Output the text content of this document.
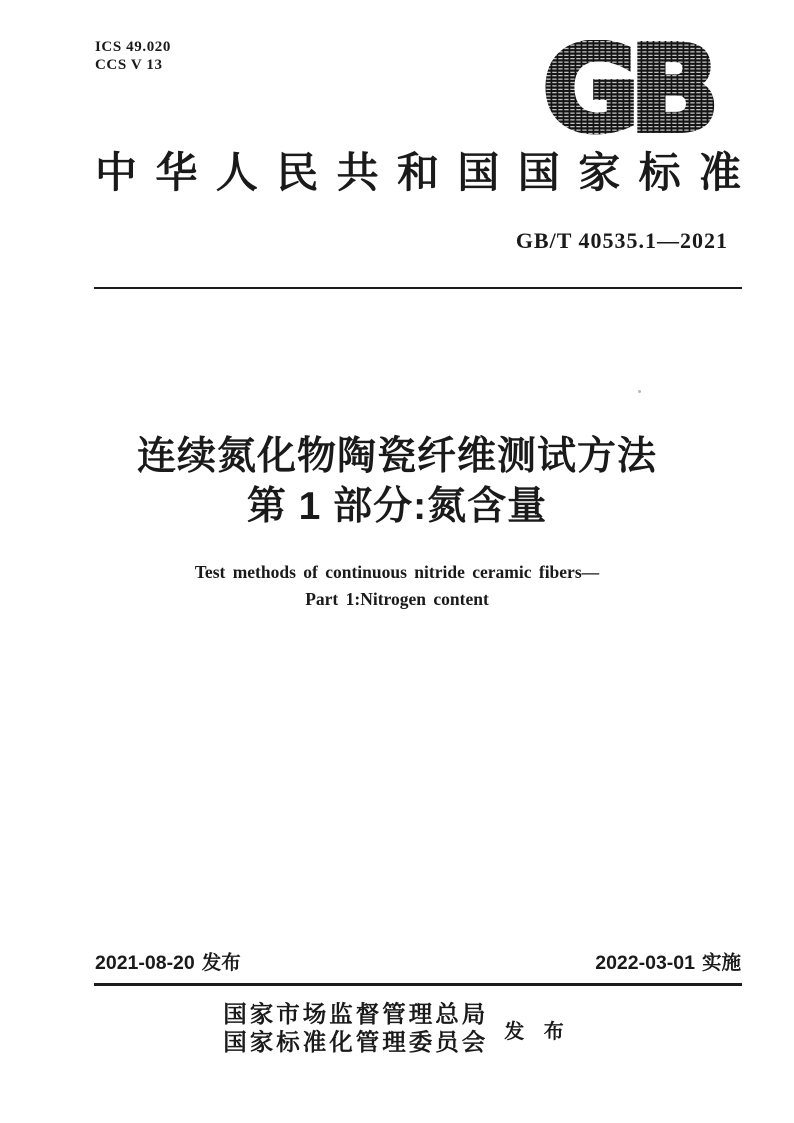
ICS 49.020
CCS V 13	GB
中华人民共和国国家标准
GB/T 40535.1—2021
连续氮化物陶瓷纤维测试方法
第 1 部分:氮含量
Test methods of continuous nitride ceramic fibers—
Part 1:Nitrogen content
2021-08-20 发布	2022-03-01 实施
国家市场监督管理总局
国家标准化管理委员会 发 布
